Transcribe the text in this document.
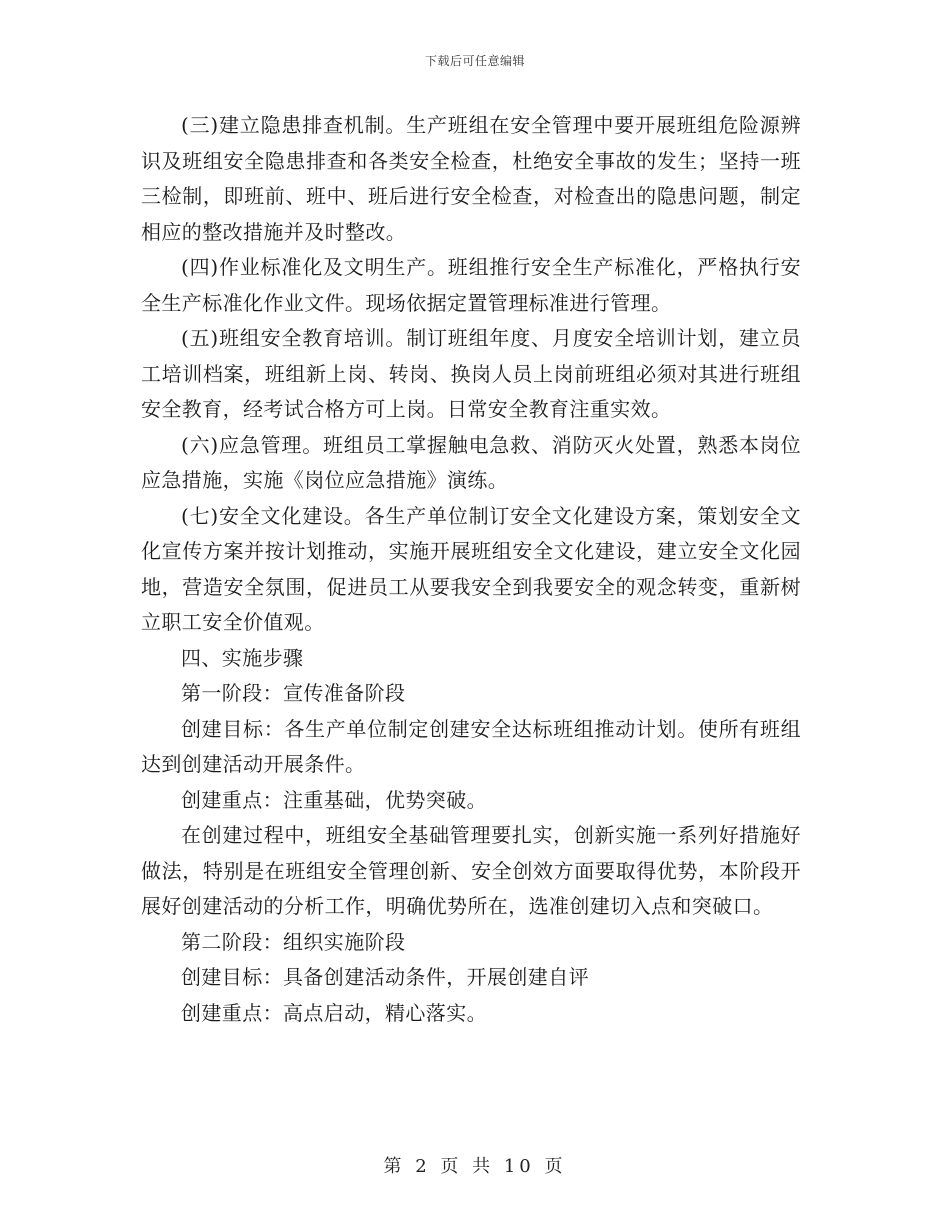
下载后可任意编辑

(三)建立隐患排查机制。生产班组在安全管理中要开展班组危险源辨识及班组安全隐患排查和各类安全检查，杜绝安全事故的发生；坚持一班三检制，即班前、班中、班后进行安全检查，对检查出的隐患问题，制定相应的整改措施并及时整改。

(四)作业标准化及文明生产。班组推行安全生产标准化，严格执行安全生产标准化作业文件。现场依据定置管理标准进行管理。

(五)班组安全教育培训。制订班组年度、月度安全培训计划，建立员工培训档案，班组新上岗、转岗、换岗人员上岗前班组必须对其进行班组安全教育，经考试合格方可上岗。日常安全教育注重实效。

(六)应急管理。班组员工掌握触电急救、消防灭火处置，熟悉本岗位应急措施，实施《岗位应急措施》演练。

(七)安全文化建设。各生产单位制订安全文化建设方案，策划安全文化宣传方案并按计划推动，实施开展班组安全文化建设，建立安全文化园地，营造安全氛围，促进员工从要我安全到我要安全的观念转变，重新树立职工安全价值观。

四、实施步骤

第一阶段：宣传准备阶段

创建目标：各生产单位制定创建安全达标班组推动计划。使所有班组达到创建活动开展条件。

创建重点：注重基础，优势突破。

在创建过程中，班组安全基础管理要扎实，创新实施一系列好措施好做法，特别是在班组安全管理创新、安全创效方面要取得优势，本阶段开展好创建活动的分析工作，明确优势所在，选准创建切入点和突破口。

第二阶段：组织实施阶段

创建目标：具备创建活动条件，开展创建自评

创建重点：高点启动，精心落实。

第 2 页 共 10 页
